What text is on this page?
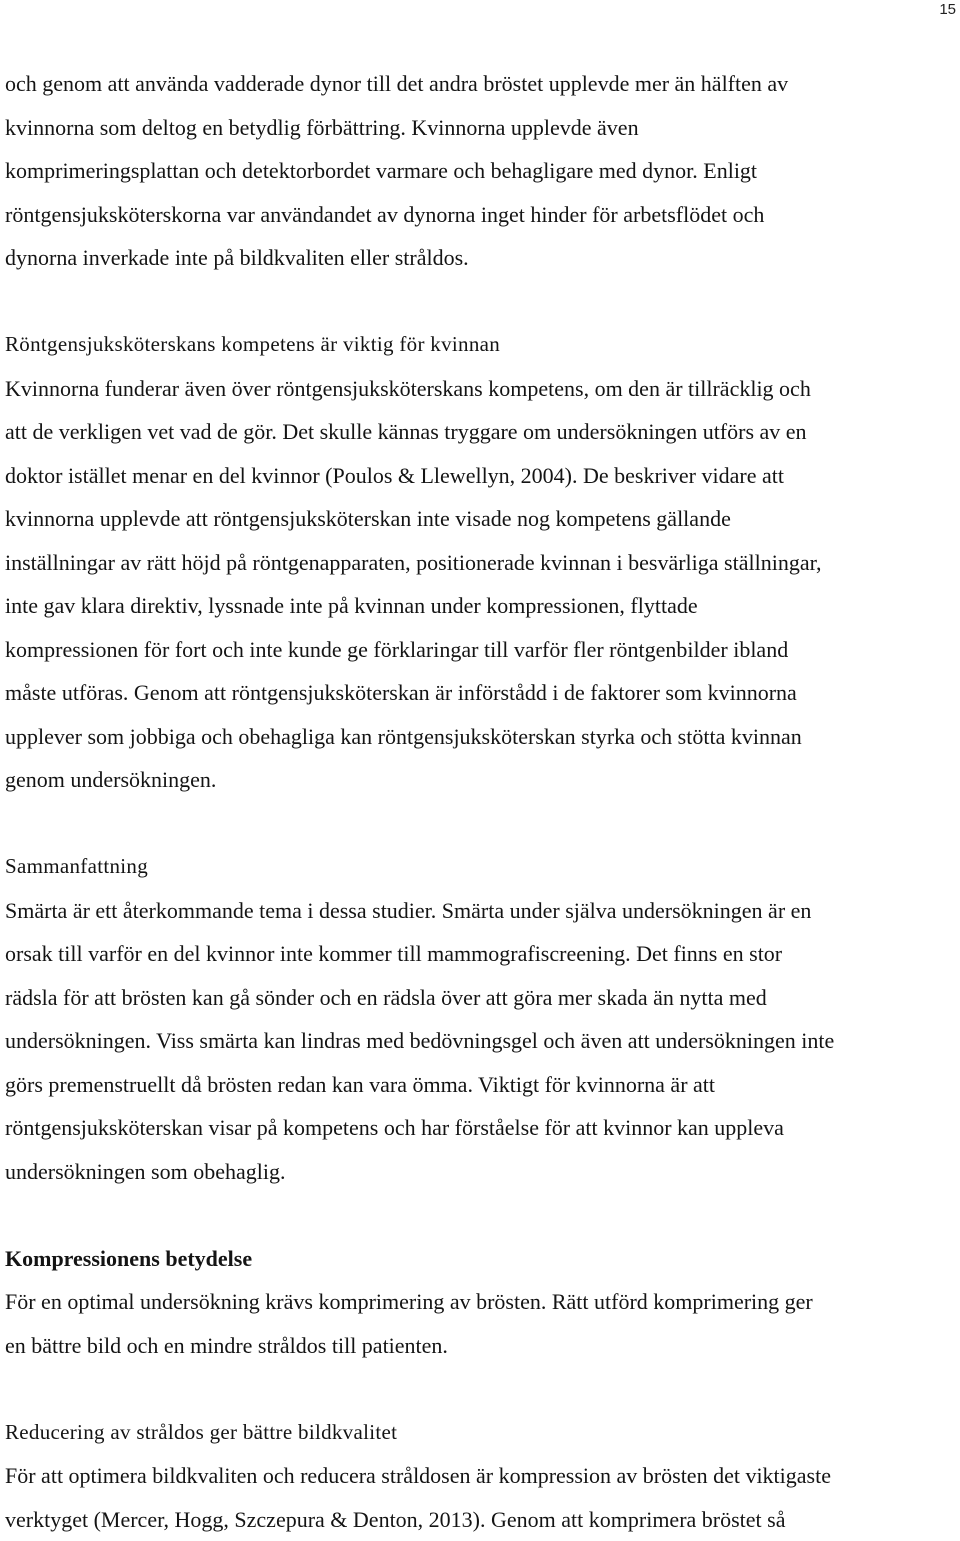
15
och genom att använda vadderade dynor till det andra bröstet upplevde mer än hälften av
kvinnorna som deltog en betydlig förbättring. Kvinnorna upplevde även
komprimeringsplattan och detektorbordet varmare och behagligare med dynor. Enligt
röntgensjuksköterskorna var användandet av dynorna inget hinder för arbetsflödet och
dynorna inverkade inte på bildkvaliten eller stråldos.
Röntgensjuksköterskans kompetens är viktig för kvinnan
Kvinnorna funderar även över röntgensjuksköterskans kompetens, om den är tillräcklig och
att de verkligen vet vad de gör. Det skulle kännas tryggare om undersökningen utförs av en
doktor istället menar en del kvinnor (Poulos & Llewellyn, 2004). De beskriver vidare att
kvinnorna upplevde att röntgensjuksköterskan inte visade nog kompetens gällande
inställningar av rätt höjd på röntgenapparaten, positionerade kvinnan i besvärliga ställningar,
inte gav klara direktiv, lyssnade inte på kvinnan under kompressionen, flyttade
kompressionen för fort och inte kunde ge förklaringar till varför fler röntgenbilder ibland
måste utföras. Genom att röntgensjuksköterskan är införstådd i de faktorer som kvinnorna
upplever som jobbiga och obehagliga kan röntgensjuksköterskan styrka och stötta kvinnan
genom undersökningen.
Sammanfattning
Smärta är ett återkommande tema i dessa studier. Smärta under själva undersökningen är en
orsak till varför en del kvinnor inte kommer till mammografiscreening. Det finns en stor
rädsla för att brösten kan gå sönder och en rädsla över att göra mer skada än nytta med
undersökningen. Viss smärta kan lindras med bedövningsgel och även att undersökningen inte
görs premenstruellt då brösten redan kan vara ömma. Viktigt för kvinnorna är att
röntgensjuksköterskan visar på kompetens och har förståelse för att kvinnor kan uppleva
undersökningen som obehaglig.
Kompressionens betydelse
För en optimal undersökning krävs komprimering av brösten. Rätt utförd komprimering ger
en bättre bild och en mindre stråldos till patienten.
Reducering av stråldos ger bättre bildkvalitet
För att optimera bildkvaliten och reducera stråldosen är kompression av brösten det viktigaste
verktyget (Mercer, Hogg, Szczepura & Denton, 2013). Genom att komprimera bröstet så
